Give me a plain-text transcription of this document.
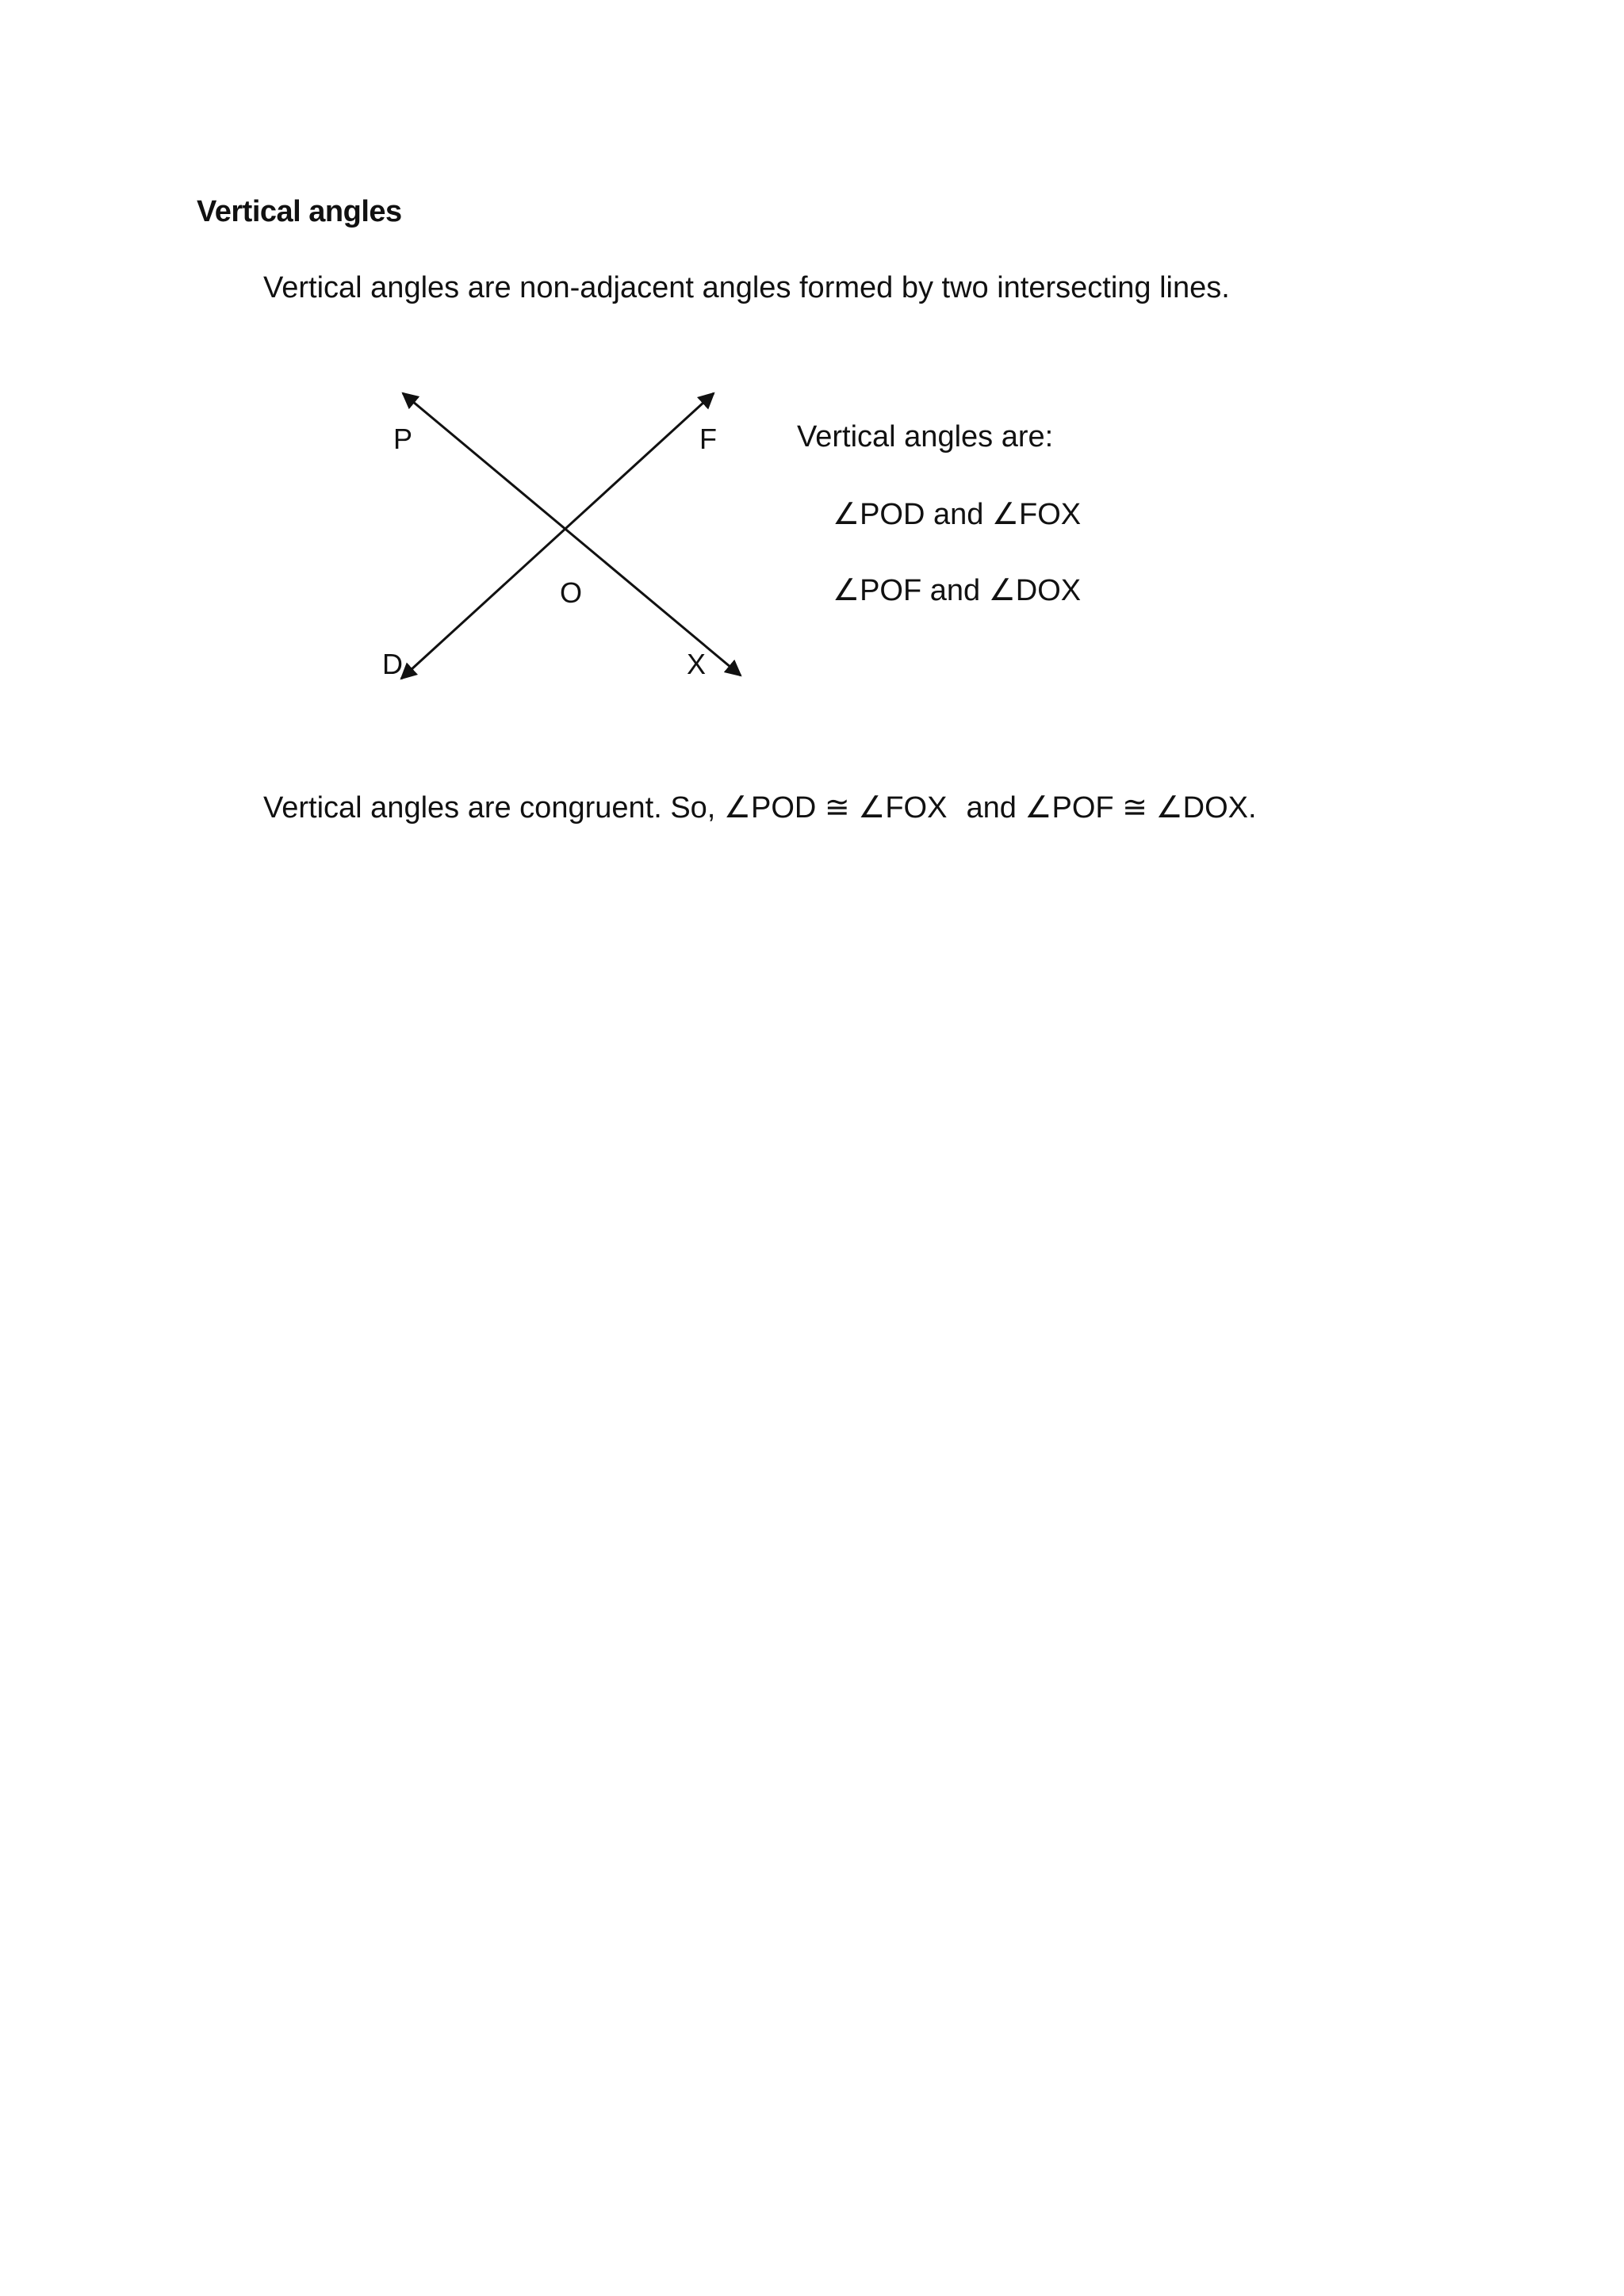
Vertical angles
Vertical angles are non-adjacent angles formed by two intersecting lines.
P	F
O
D	X
Vertical angles are:
∠POD and ∠FOX
∠POF and ∠DOX
Vertical angles are congruent. So, ∠POD ≅ ∠FOX and ∠POF ≅ ∠DOX.
